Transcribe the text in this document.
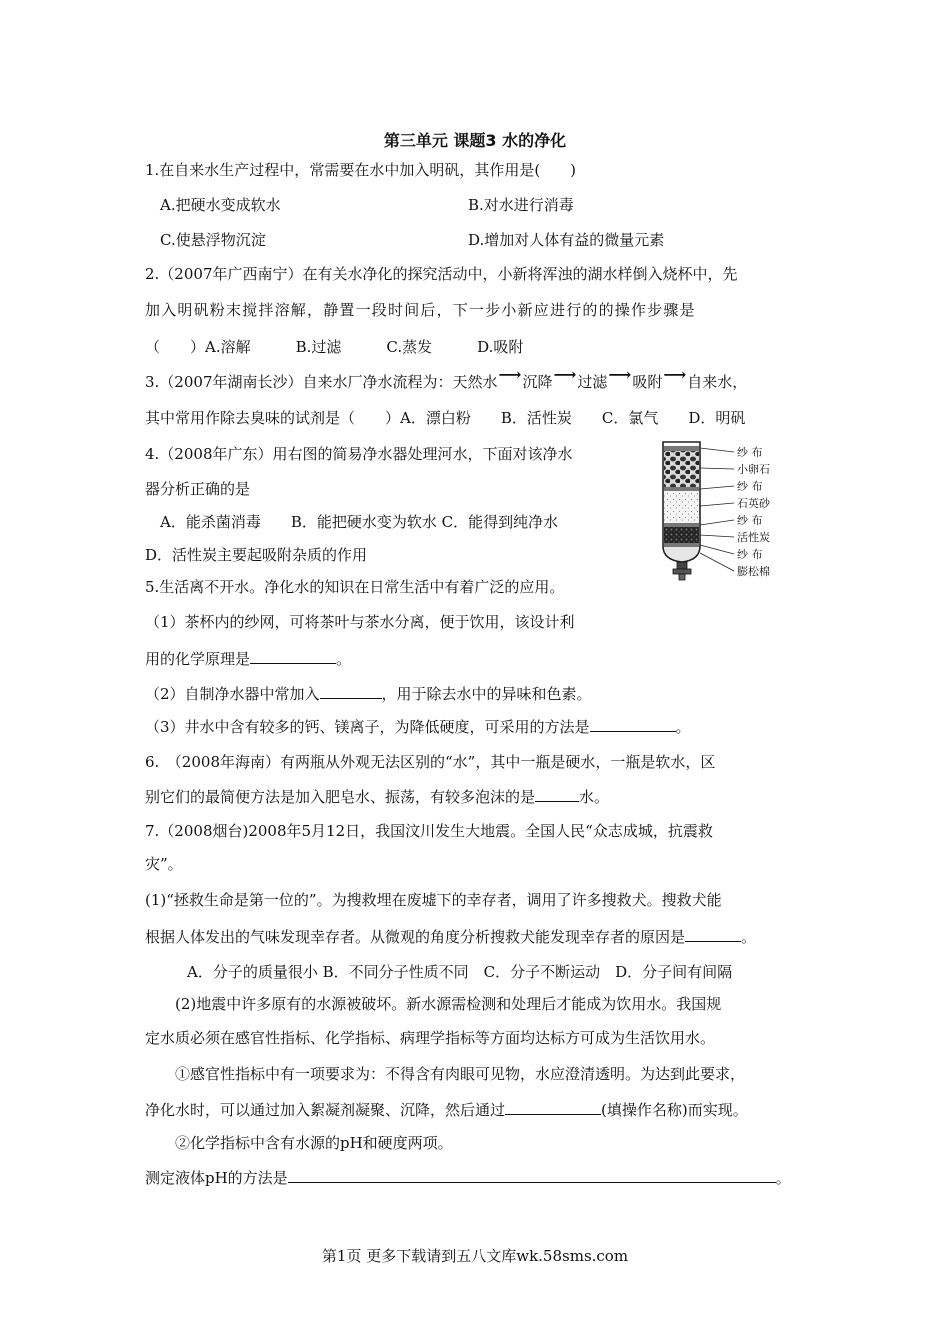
第三单元 课题3 水的净化
1.在自来水生产过程中，常需要在水中加入明矾，其作用是(　　)
A.把硬水变成软水	B.对水进行消毒
C.使悬浮物沉淀	D.增加对人体有益的微量元素
2.（2007年广西南宁）在有关水净化的探究活动中，小新将浑浊的湖水样倒入烧杯中，先
加入明矾粉末搅拌溶解，静置一段时间后，下一步小新应进行的的操作步骤是
（　　）A.溶解　　　B.过滤　　　C.蒸发　　　D.吸附
3.（2007年湖南长沙）自来水厂净水流程为：天然水⟶沉降⟶过滤⟶吸附⟶自来水，
其中常用作除去臭味的试剂是（　　）A．漂白粉　　B．活性炭　　C．氯气　　D．明矾
4.（2008年广东）用右图的简易净水器处理河水，下面对该净水
器分析正确的是
A．能杀菌消毒　　B．能把硬水变为软水 C．能得到纯净水
D．活性炭主要起吸附杂质的作用
纱 布
小卵石
纱 布
石英砂
纱 布
活性炭
纱 布
膨松棉
5.生活离不开水。净化水的知识在日常生活中有着广泛的应用。
（1）茶杯内的纱网，可将茶叶与茶水分离，便于饮用，该设计利
用的化学原理是	。
（2）自制净水器中常加入	，用于除去水中的异味和色素。
（3）井水中含有较多的钙、镁离子，为降低硬度，可采用的方法是	。
6.　（2008年海南）有两瓶从外观无法区别的“水”，其中一瓶是硬水，一瓶是软水，区
别它们的最简便方法是加入肥皂水、振荡，有较多泡沫的是	水。
7.（2008烟台)2008年5月12日，我国汶川发生大地震。全国人民“众志成城，抗震救
灾”。
(1)“拯救生命是第一位的”。为搜救埋在废墟下的幸存者，调用了许多搜救犬。搜救犬能
根据人体发出的气味发现幸存者。从微观的角度分析搜救犬能发现幸存者的原因是	。
A．分子的质量很小 B．不同分子性质不同　C．分子不断运动　D．分子间有间隔
(2)地震中许多原有的水源被破坏。新水源需检测和处理后才能成为饮用水。我国规
定水质必须在感官性指标、化学指标、病理学指标等方面均达标方可成为生活饮用水。
①感官性指标中有一项要求为：不得含有肉眼可见物，水应澄清透明。为达到此要求，
净化水时，可以通过加入絮凝剂凝聚、沉降，然后通过	(填操作名称)而实现。
②化学指标中含有水源的pH和硬度两项。
测定液体pH的方法是	。
第1页 更多下载请到五八文库wk.58sms.com
